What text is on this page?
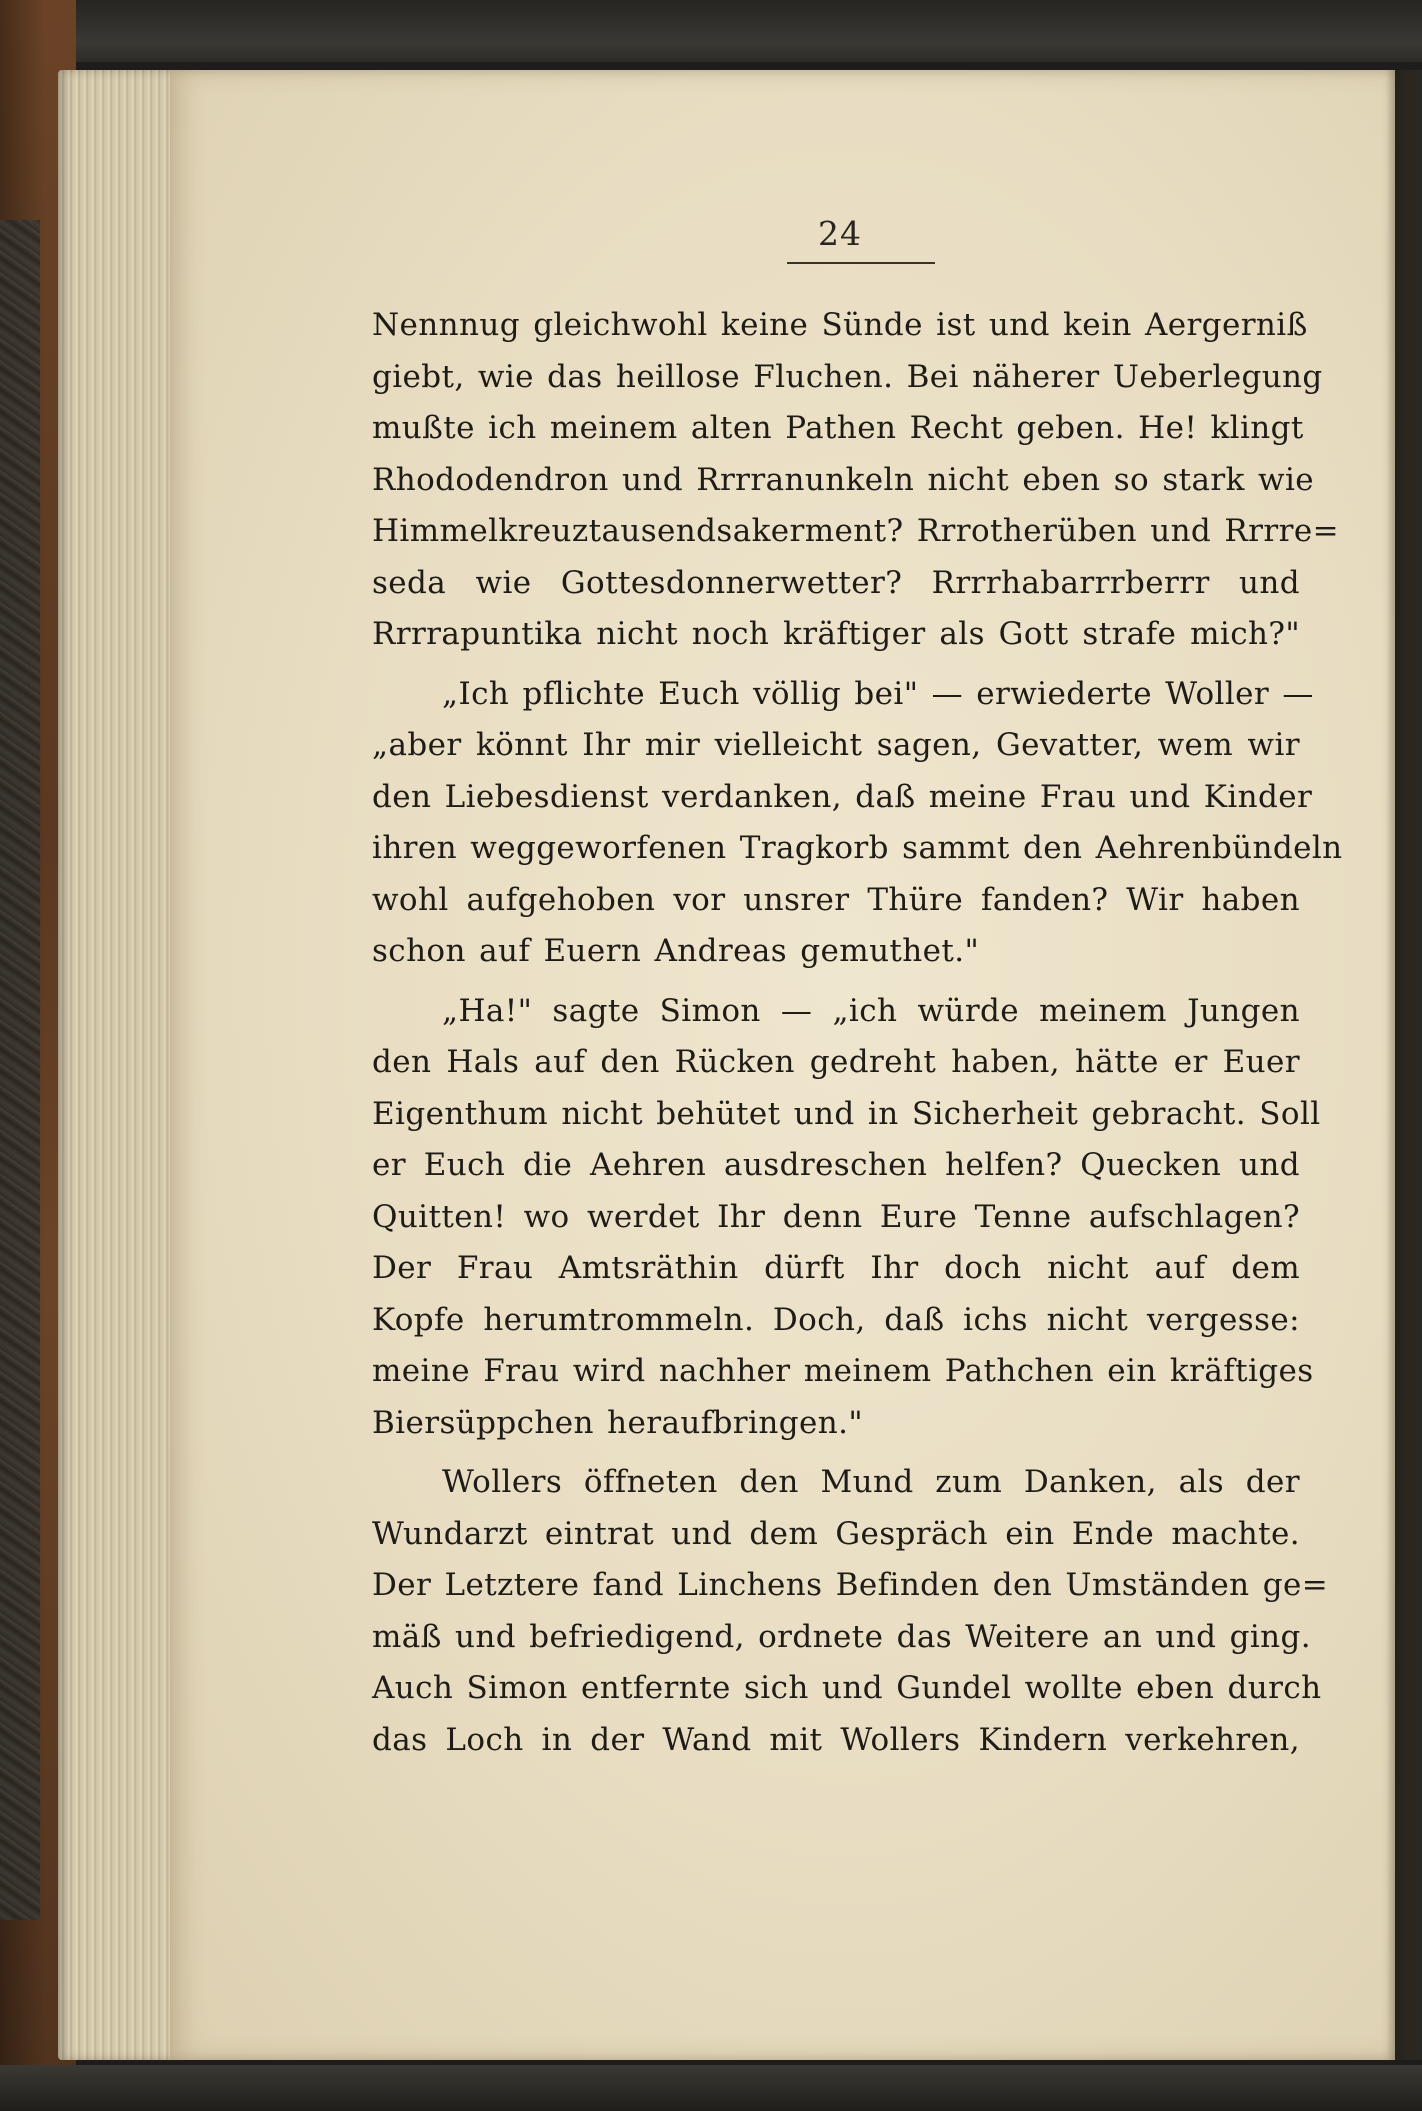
24
Nennnug gleichwohl keine Sünde ist und kein Aergerniß
giebt, wie das heillose Fluchen. Bei näherer Ueberlegung
mußte ich meinem alten Pathen Recht geben. He! klingt
Rhododendron und Rrrranunkeln nicht eben so stark wie
Himmelkreuztausendsakerment? Rrrotherüben und Rrrre=
seda wie Gottesdonnerwetter? Rrrrhabarrrberrr und
Rrrrapuntika nicht noch kräftiger als Gott strafe mich?"
„Ich pflichte Euch völlig bei" — erwiederte Woller —
„aber könnt Ihr mir vielleicht sagen, Gevatter, wem wir
den Liebesdienst verdanken, daß meine Frau und Kinder
ihren weggeworfenen Tragkorb sammt den Aehrenbündeln
wohl aufgehoben vor unsrer Thüre fanden? Wir haben
schon auf Euern Andreas gemuthet."
„Ha!" sagte Simon — „ich würde meinem Jungen
den Hals auf den Rücken gedreht haben, hätte er Euer
Eigenthum nicht behütet und in Sicherheit gebracht. Soll
er Euch die Aehren ausdreschen helfen? Quecken und
Quitten! wo werdet Ihr denn Eure Tenne aufschlagen?
Der Frau Amtsräthin dürft Ihr doch nicht auf dem
Kopfe herumtrommeln. Doch, daß ichs nicht vergesse:
meine Frau wird nachher meinem Pathchen ein kräftiges
Biersüppchen heraufbringen."
Wollers öffneten den Mund zum Danken, als der
Wundarzt eintrat und dem Gespräch ein Ende machte.
Der Letztere fand Linchens Befinden den Umständen ge=
mäß und befriedigend, ordnete das Weitere an und ging.
Auch Simon entfernte sich und Gundel wollte eben durch
das Loch in der Wand mit Wollers Kindern verkehren,
